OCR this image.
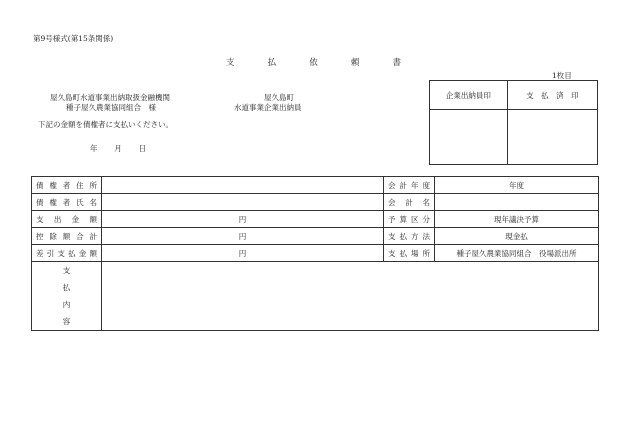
第9号様式(第15条関係)
支	払	依	頼	書
1枚目
屋久島町水道事業出納取扱金融機関
種子屋久農業協同組合　様
屋久島町
水道事業企業出納員
下記の金額を債権者に支払いください。
年 月 日
企業出納員印	支　払　済　印

債権者住所		会計年度	年度
債権者氏名		会計名	
支出金額	円	予算区分	現年議決予算
控除額合計	円	支払方法	現金払
差引支払金額	円	支払場所	種子屋久農業協同組合　役場派出所

支
払
内
容			
